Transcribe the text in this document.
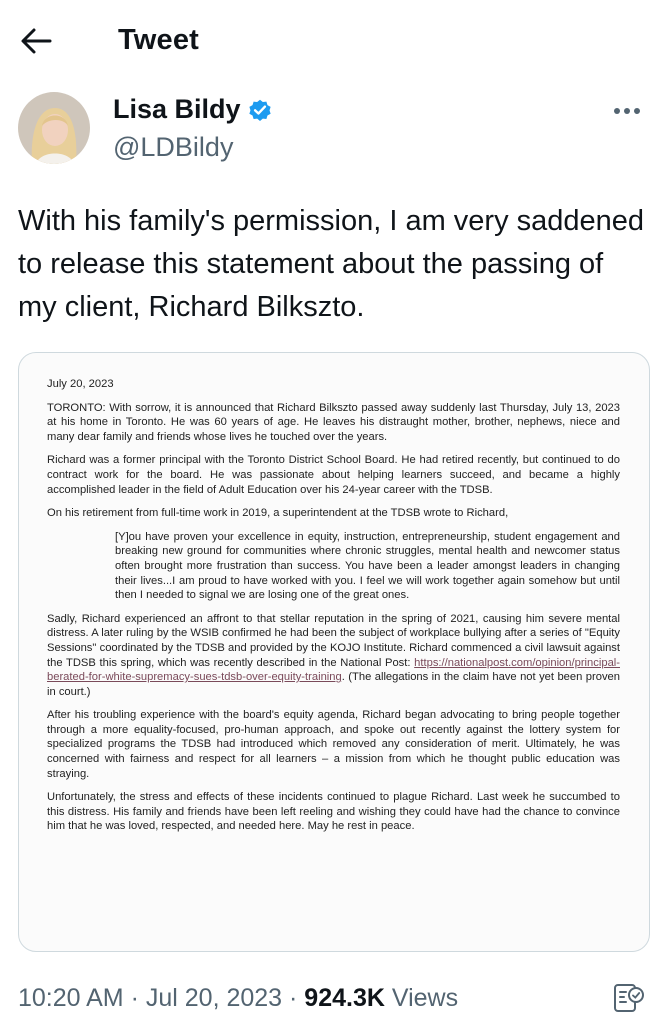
Tweet
Lisa Bildy
@LDBildy
With his family's permission, I am very saddened to release this statement about the passing of my client, Richard Bilkszto.

July 20, 2023

TORONTO: With sorrow, it is announced that Richard Bilkszto passed away suddenly last Thursday, July 13, 2023 at his home in Toronto. He was 60 years of age. He leaves his distraught mother, brother, nephews, niece and many dear family and friends whose lives he touched over the years.

Richard was a former principal with the Toronto District School Board. He had retired recently, but continued to do contract work for the board. He was passionate about helping learners succeed, and became a highly accomplished leader in the field of Adult Education over his 24-year career with the TDSB.

On his retirement from full-time work in 2019, a superintendent at the TDSB wrote to Richard,

[Y]ou have proven your excellence in equity, instruction, entrepreneurship, student engagement and breaking new ground for communities where chronic struggles, mental health and newcomer status often brought more frustration than success. You have been a leader amongst leaders in changing their lives...I am proud to have worked with you. I feel we will work together again somehow but until then I needed to signal we are losing one of the great ones.

Sadly, Richard experienced an affront to that stellar reputation in the spring of 2021, causing him severe mental distress. A later ruling by the WSIB confirmed he had been the subject of workplace bullying after a series of "Equity Sessions" coordinated by the TDSB and provided by the KOJO Institute. Richard commenced a civil lawsuit against the TDSB this spring, which was recently described in the National Post: https://nationalpost.com/opinion/principal-berated-for-white-supremacy-sues-tdsb-over-equity-training. (The allegations in the claim have not yet been proven in court.)

After his troubling experience with the board's equity agenda, Richard began advocating to bring people together through a more equality-focused, pro-human approach, and spoke out recently against the lottery system for specialized programs the TDSB had introduced which removed any consideration of merit. Ultimately, he was concerned with fairness and respect for all learners – a mission from which he thought public education was straying.

Unfortunately, the stress and effects of these incidents continued to plague Richard. Last week he succumbed to this distress. His family and friends have been left reeling and wishing they could have had the chance to convince him that he was loved, respected, and needed here. May he rest in peace.

10:20 AM · Jul 20, 2023 · 924.3K Views
